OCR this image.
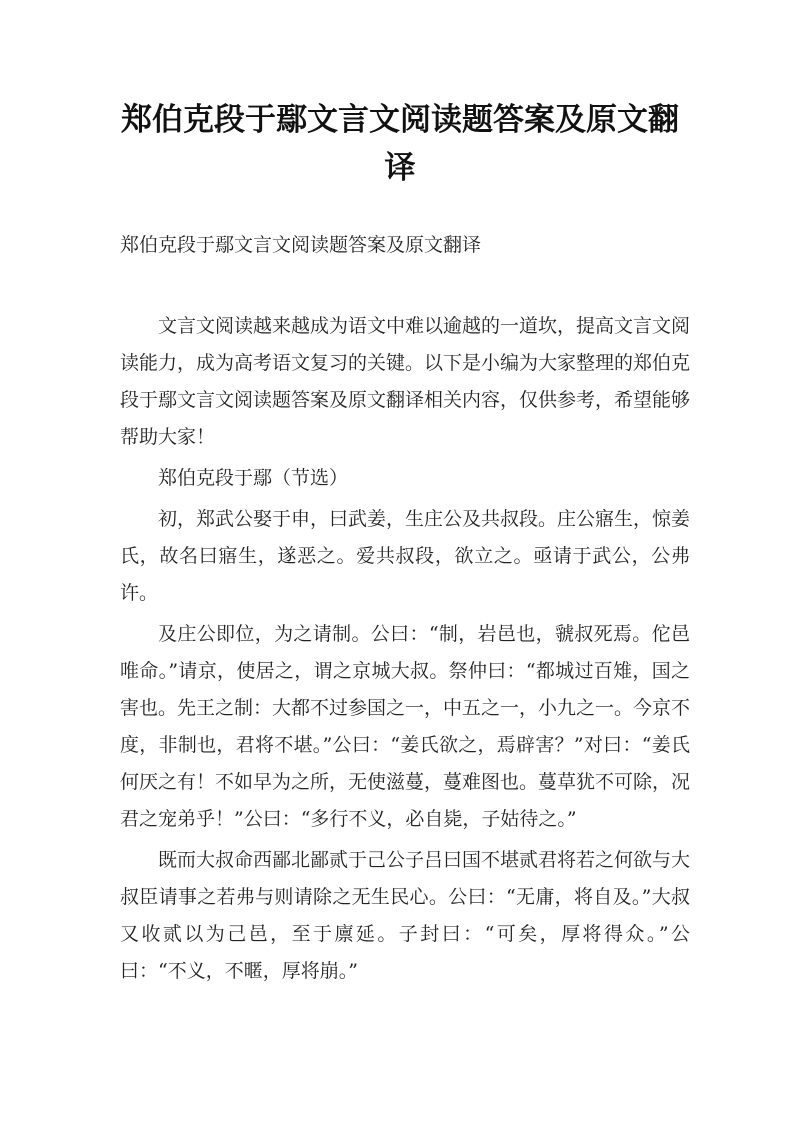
郑伯克段于鄢文言文阅读题答案及原文翻译
郑伯克段于鄢文言文阅读题答案及原文翻译

文言文阅读越来越成为语文中难以逾越的一道坎，提高文言文阅读能力，成为高考语文复习的关键。以下是小编为大家整理的郑伯克段于鄢文言文阅读题答案及原文翻译相关内容，仅供参考，希望能够帮助大家！

郑伯克段于鄢（节选）

初，郑武公娶于申，曰武姜，生庄公及共叔段。庄公寤生，惊姜氏，故名曰寤生，遂恶之。爱共叔段，欲立之。亟请于武公，公弗许。

及庄公即位，为之请制。公曰：“制，岩邑也，虢叔死焉。佗邑唯命。”请京，使居之，谓之京城大叔。祭仲曰：“都城过百雉，国之害也。先王之制：大都不过参国之一，中五之一，小九之一。今京不度，非制也，君将不堪。”公曰：“姜氏欲之，焉辟害？”对曰：“姜氏何厌之有！不如早为之所，无使滋蔓，蔓难图也。蔓草犹不可除，况君之宠弟乎！”公曰：“多行不义，必自毙，子姑待之。”

既而大叔命西鄙北鄙贰于己公子吕曰国不堪贰君将若之何欲与大叔臣请事之若弗与则请除之无生民心。公曰：“无庸，将自及。”大叔又收贰以为己邑，至于廪延。子封曰：“可矣，厚将得众。”公曰：“不义，不暱，厚将崩。”
